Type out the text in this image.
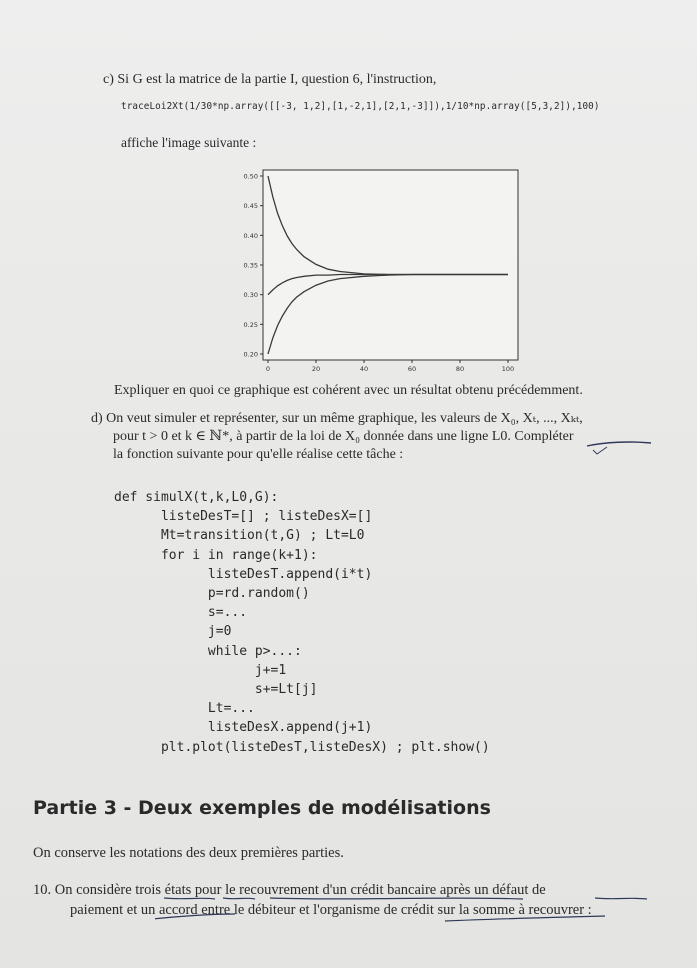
c) Si G est la matrice de la partie I, question 6, l'instruction,
traceLoi2Xt(1/30*np.array([[-3, 1,2],[1,-2,1],[2,1,-3]]),1/10*np.array([5,3,2]),100)
affiche l'image suivante :
0.20
0.25
0.30
0.35
0.40
0.45
0.50
0	20	40	60	80	100
Expliquer en quoi ce graphique est cohérent avec un résultat obtenu précédemment.
d) On veut simuler et représenter, sur un même graphique, les valeurs de X₀, Xₜ, ..., Xₖₜ,
pour t > 0 et k ∈ ℕ*, à partir de la loi de X₀ donnée dans une ligne L0. Compléter
la fonction suivante pour qu'elle réalise cette tâche :
def simulX(t,k,L0,G):
listeDesT=[] ; listeDesX=[]
Mt=transition(t,G) ; Lt=L0
for i in range(k+1):
listeDesT.append(i*t)
p=rd.random()
s=...
j=0
while p>...:
j+=1
s+=Lt[j]
Lt=...
listeDesX.append(j+1)
plt.plot(listeDesT,listeDesX) ; plt.show()
Partie 3 - Deux exemples de modélisations
On conserve les notations des deux premières parties.
10. On considère trois états pour le recouvrement d'un crédit bancaire après un défaut de
paiement et un accord entre le débiteur et l'organisme de crédit sur la somme à recouvrer :
